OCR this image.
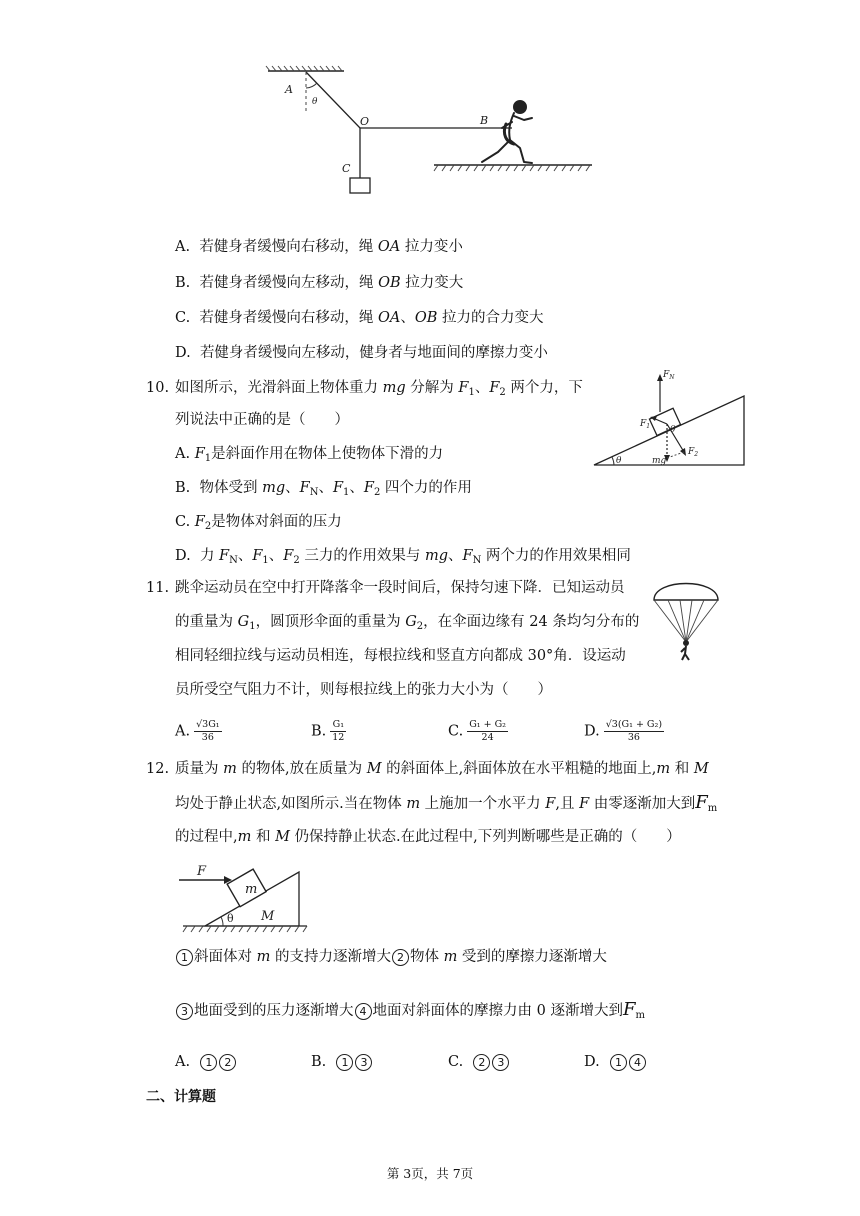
A
θ
O	B
C
A. 若健身者缓慢向右移动，绳 OA 拉力变小
B. 若健身者缓慢向左移动，绳 OB 拉力变大
C. 若健身者缓慢向右移动，绳 OA、OB 拉力的合力变大
D. 若健身者缓慢向左移动，健身者与地面间的摩擦力变小
10. 如图所示，光滑斜面上物体重力 mg 分解为 $F_1$、$F_2$ 两个力，下
列说法中正确的是（　　）
A. $F_1$是斜面作用在物体上使物体下滑的力
B. 物体受到 mg、$F_N$、$F_1$、$F_2$ 四个力的作用
C. $F_2$是物体对斜面的压力
D. 力 $F_N$、$F_1$、$F_2$ 三力的作用效果与 mg、$F_N$ 两个力的作用效果相同
$F_N$
$F_1$ θ
$F_2$
mg
θ
11. 跳伞运动员在空中打开降落伞一段时间后，保持匀速下降．已知运动员
的重量为 $G_1$，圆顶形伞面的重量为 $G_2$，在伞面边缘有 24 条均匀分布的
相同轻细拉线与运动员相连，每根拉线和竖直方向都成 30°角．设运动
员所受空气阻力不计，则每根拉线上的张力大小为（　　）
A. $\frac{\text{√3G₁}}{36}$	B. $\frac{\text{G₁}}{12}$	C. $\frac{\text{G₁ + G₂}}{24}$	D. $\frac{\text{√3(G₁ + G₂)}}{36}$
12. 质量为 m 的物体,放在质量为 M 的斜面体上,斜面体放在水平粗糙的地面上,m 和 M
均处于静止状态,如图所示.当在物体 m 上施加一个水平力 F,且 F 由零逐渐加大到$F_m$
的过程中,m 和 M 仍保持静止状态.在此过程中,下列判断哪些是正确的（　　）
F
m
M
θ
1 斜面体对 m 的支持力逐渐增大 2 物体 m 受到的摩擦力逐渐增大
3 地面受到的压力逐渐增大 4 地面对斜面体的摩擦力由 0 逐渐增大到$F_m$
A. 1 2	B. 1 3	C. 2 3	D. 1 4
二、计算题
第 3页，共 7页
